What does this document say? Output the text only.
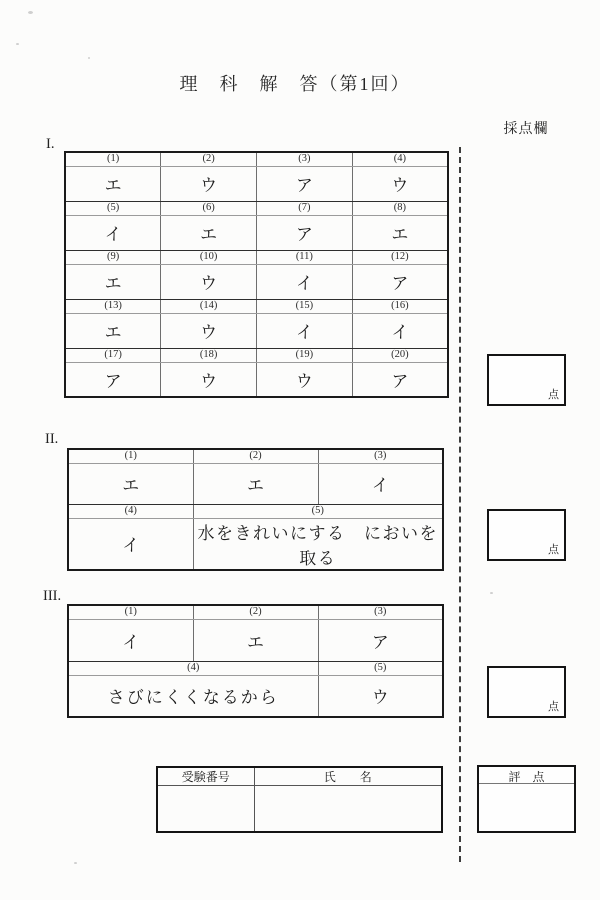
理　科　解　答（第1回）
採点欄
I.
(1)	(2)	(3)	(4)
エ	ウ	ア	ウ
(5)	(6)	(7)	(8)
イ	エ	ア	エ
(9)	(10)	(11)	(12)
エ	ウ	イ	ア
(13)	(14)	(15)	(16)
エ	ウ	イ	イ
(17)	(18)	(19)	(20)
ア	ウ	ウ	ア
II.
(1)	(2)	(3)
エ	エ	イ
(4)	(5)	
イ	水をきれいにする　においを取る	
III.
(1)	(2)	(3)
イ	エ	ア
(4)		(5)
さびにくくなるから		ウ
点
点
点
受験番号	氏　　名
		評　点
